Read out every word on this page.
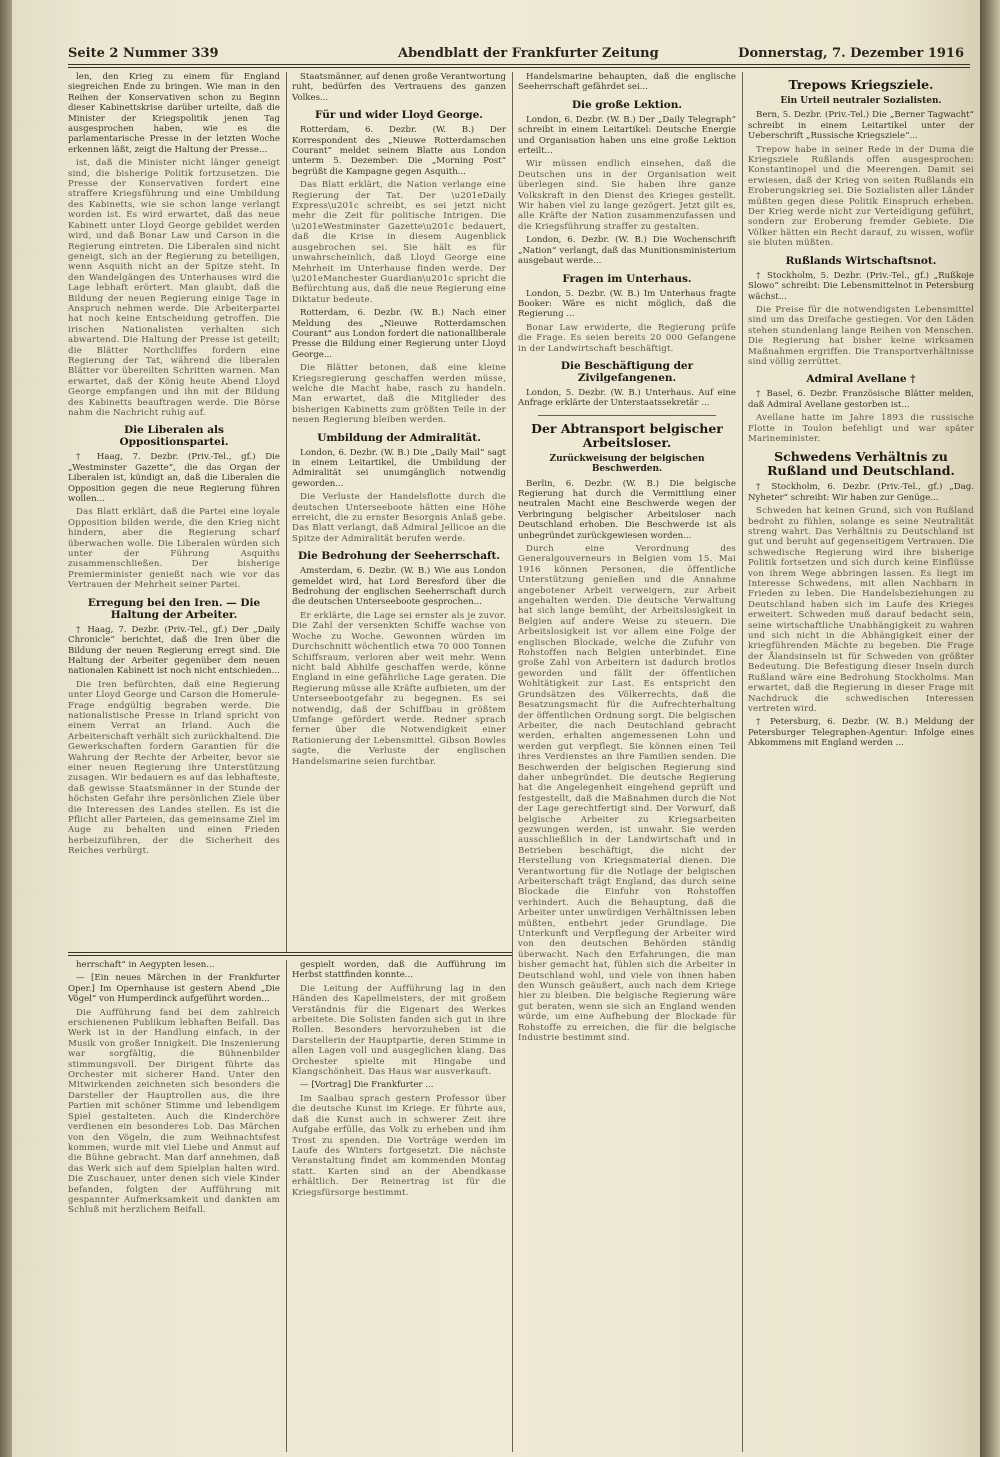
Seite 2 Nummer 339	Abendblatt der Frankfurter Zeitung	Donnerstag, 7. Dezember 1916

len, den Krieg zu einem für England siegreichen Ende zu bringen. Wie man in den Reihen der Konservativen schon zu Beginn dieser Kabinettskrise darüber urteilte, daß die Minister der Kriegspolitik jenen Tag ausgesprochen haben, wie es die parlamentarische Presse in der letzten Woche erkennen läßt, zeigt die Haltung der Presse...

ist, daß die Minister nicht länger geneigt sind, die bisherige Politik fortzusetzen. Die Presse der Konservativen fordert eine straffere Kriegsführung und eine Umbildung des Kabinetts, wie sie schon lange verlangt worden ist. Es wird erwartet, daß das neue Kabinett unter Lloyd George gebildet werden wird, und daß Bonar Law und Carson in die Regierung eintreten. Die Liberalen sind nicht geneigt, sich an der Regierung zu beteiligen, wenn Asquith nicht an der Spitze steht. In den Wandelgängen des Unterhauses wird die Lage lebhaft erörtert. Man glaubt, daß die Bildung der neuen Regierung einige Tage in Anspruch nehmen werde. Die Arbeiterpartei hat noch keine Entscheidung getroffen. Die irischen Nationalisten verhalten sich abwartend. Die Haltung der Presse ist geteilt; die Blätter Northcliffes fordern eine Regierung der Tat, während die liberalen Blätter vor übereilten Schritten warnen. Man erwartet, daß der König heute Abend Lloyd George empfangen und ihn mit der Bildung des Kabinetts beauftragen werde. Die Börse nahm die Nachricht ruhig auf.

Die Liberalen als Oppositionspartei.

† Haag, 7. Dezbr. (Priv.-Tel., gf.) Die „Westminster Gazette“, die das Organ der Liberalen ist, kündigt an, daß die Liberalen die Opposition gegen die neue Regierung führen wollen...

Das Blatt erklärt, daß die Partei eine loyale Opposition bilden werde, die den Krieg nicht hindern, aber die Regierung scharf überwachen wolle. Die Liberalen würden sich unter der Führung Asquiths zusammenschließen. Der bisherige Premierminister genießt nach wie vor das Vertrauen der Mehrheit seiner Partei.

Erregung bei den Iren. — Die Haltung der Arbeiter.

† Haag, 7. Dezbr. (Priv.-Tel., gf.) Der „Daily Chronicle“ berichtet, daß die Iren über die Bildung der neuen Regierung erregt sind. Die Haltung der Arbeiter gegenüber dem neuen nationalen Kabinett ist noch nicht entschieden...

Die Iren befürchten, daß eine Regierung unter Lloyd George und Carson die Homerule-Frage endgültig begraben werde. Die nationalistische Presse in Irland spricht von einem Verrat an Irland. Auch die Arbeiterschaft verhält sich zurückhaltend. Die Gewerkschaften fordern Garantien für die Wahrung der Rechte der Arbeiter, bevor sie einer neuen Regierung ihre Unterstützung zusagen. Wir bedauern es auf das lebhafteste, daß gewisse Staatsmänner in der Stunde der höchsten Gefahr ihre persönlichen Ziele über die Interessen des Landes stellen. Es ist die Pflicht aller Parteien, das gemeinsame Ziel im Auge zu behalten und einen Frieden herbeizuführen, der die Sicherheit des Reiches verbürgt.

Staatsmänner, auf denen große Verantwortung ruht, bedürfen des Vertrauens des ganzen Volkes...

Für und wider Lloyd George.

Rotterdam, 6. Dezbr. (W. B.) Der Korrespondent des „Nieuwe Rotterdamschen Courant“ meldet seinem Blatte aus London unterm 5. Dezember: Die „Morning Post“ begrüßt die Kampagne gegen Asquith...

Das Blatt erklärt, die Nation verlange eine Regierung der Tat. Der \u201eDaily Express\u201c schreibt, es sei jetzt nicht mehr die Zeit für politische Intrigen. Die \u201eWestminster Gazette\u201c bedauert, daß die Krise in diesem Augenblick ausgebrochen sei. Sie hält es für unwahrscheinlich, daß Lloyd George eine Mehrheit im Unterhause finden werde. Der \u201eManchester Guardian\u201c spricht die Befürchtung aus, daß die neue Regierung eine Diktatur bedeute.

Rotterdam, 6. Dezbr. (W. B.) Nach einer Meldung des „Nieuwe Rotterdamschen Courant“ aus London fordert die nationalliberale Presse die Bildung einer Regierung unter Lloyd George...

Die Blätter betonen, daß eine kleine Kriegsregierung geschaffen werden müsse, welche die Macht habe, rasch zu handeln. Man erwartet, daß die Mitglieder des bisherigen Kabinetts zum größten Teile in der neuen Regierung bleiben werden.

Umbildung der Admiralität.

London, 6. Dezbr. (W. B.) Die „Daily Mail“ sagt in einem Leitartikel, die Umbildung der Admiralität sei unumgänglich notwendig geworden...

Die Verluste der Handelsflotte durch die deutschen Unterseeboote hätten eine Höhe erreicht, die zu ernster Besorgnis Anlaß gebe. Das Blatt verlangt, daß Admiral Jellicoe an die Spitze der Admiralität berufen werde.

Die Bedrohung der Seeherrschaft.

Amsterdam, 6. Dezbr. (W. B.) Wie aus London gemeldet wird, hat Lord Beresford über die Bedrohung der englischen Seeherrschaft durch die deutschen Unterseeboote gesprochen...

Er erklärte, die Lage sei ernster als je zuvor. Die Zahl der versenkten Schiffe wachse von Woche zu Woche. Gewonnen würden im Durchschnitt wöchentlich etwa 70 000 Tonnen Schiffsraum, verloren aber weit mehr. Wenn nicht bald Abhilfe geschaffen werde, könne England in eine gefährliche Lage geraten. Die Regierung müsse alle Kräfte aufbieten, um der Unterseebootgefahr zu begegnen. Es sei notwendig, daß der Schiffbau in größtem Umfange gefördert werde. Redner sprach ferner über die Notwendigkeit einer Rationierung der Lebensmittel. Gibson Bowles sagte, die Verluste der englischen Handelsmarine seien furchtbar.

Handelsmarine behaupten, daß die englische Seeherrschaft gefährdet sei...

Die große Lektion.

London, 6. Dezbr. (W. B.) Der „Daily Telegraph“ schreibt in einem Leitartikel: Deutsche Energie und Organisation haben uns eine große Lektion erteilt...

Wir müssen endlich einsehen, daß die Deutschen uns in der Organisation weit überlegen sind. Sie haben ihre ganze Volkskraft in den Dienst des Krieges gestellt. Wir haben viel zu lange gezögert. Jetzt gilt es, alle Kräfte der Nation zusammenzufassen und die Kriegsführung straffer zu gestalten.

London, 6. Dezbr. (W. B.) Die Wochenschrift „Nation“ verlangt, daß das Munitionsministerium ausgebaut werde...

Fragen im Unterhaus.

London, 5. Dezbr. (W. B.) Im Unterhaus fragte Booker: Wäre es nicht möglich, daß die Regierung ...

Bonar Law erwiderte, die Regierung prüfe die Frage. Es seien bereits 20 000 Gefangene in der Landwirtschaft beschäftigt.

Die Beschäftigung der Zivilgefangenen.

London, 5. Dezbr. (W. B.) Unterhaus. Auf eine Anfrage erklärte der Unterstaatssekretär ...

Der Abtransport belgischer Arbeitsloser.
Zurückweisung der belgischen Beschwerden.

Berlin, 6. Dezbr. (W. B.) Die belgische Regierung hat durch die Vermittlung einer neutralen Macht eine Beschwerde wegen der Verbringung belgischer Arbeitsloser nach Deutschland erhoben. Die Beschwerde ist als unbegründet zurückgewiesen worden...

Durch eine Verordnung des Generalgouverneurs in Belgien vom 15. Mai 1916 können Personen, die öffentliche Unterstützung genießen und die Annahme angebotener Arbeit verweigern, zur Arbeit angehalten werden. Die deutsche Verwaltung hat sich lange bemüht, der Arbeitslosigkeit in Belgien auf andere Weise zu steuern. Die Arbeitslosigkeit ist vor allem eine Folge der englischen Blockade, welche die Zufuhr von Rohstoffen nach Belgien unterbindet. Eine große Zahl von Arbeitern ist dadurch brotlos geworden und fällt der öffentlichen Wohltätigkeit zur Last. Es entspricht den Grundsätzen des Völkerrechts, daß die Besatzungsmacht für die Aufrechterhaltung der öffentlichen Ordnung sorgt. Die belgischen Arbeiter, die nach Deutschland gebracht werden, erhalten angemessenen Lohn und werden gut verpflegt. Sie können einen Teil ihres Verdienstes an ihre Familien senden. Die Beschwerden der belgischen Regierung sind daher unbegründet. Die deutsche Regierung hat die Angelegenheit eingehend geprüft und festgestellt, daß die Maßnahmen durch die Not der Lage gerechtfertigt sind. Der Vorwurf, daß belgische Arbeiter zu Kriegsarbeiten gezwungen werden, ist unwahr. Sie werden ausschließlich in der Landwirtschaft und in Betrieben beschäftigt, die nicht der Herstellung von Kriegsmaterial dienen. Die Verantwortung für die Notlage der belgischen Arbeiterschaft trägt England, das durch seine Blockade die Einfuhr von Rohstoffen verhindert. Auch die Behauptung, daß die Arbeiter unter unwürdigen Verhältnissen leben müßten, entbehrt jeder Grundlage. Die Unterkunft und Verpflegung der Arbeiter wird von den deutschen Behörden ständig überwacht. Nach den Erfahrungen, die man bisher gemacht hat, fühlen sich die Arbeiter in Deutschland wohl, und viele von ihnen haben den Wunsch geäußert, auch nach dem Kriege hier zu bleiben. Die belgische Regierung wäre gut beraten, wenn sie sich an England wenden würde, um eine Aufhebung der Blockade für Rohstoffe zu erreichen, die für die belgische Industrie bestimmt sind.

Trepows Kriegsziele.
Ein Urteil neutraler Sozialisten.

Bern, 5. Dezbr. (Priv.-Tel.) Die „Berner Tagwacht“ schreibt in einem Leitartikel unter der Ueberschrift „Russische Kriegsziele“...

Trepow habe in seiner Rede in der Duma die Kriegsziele Rußlands offen ausgesprochen: Konstantinopel und die Meerengen. Damit sei erwiesen, daß der Krieg von seiten Rußlands ein Eroberungskrieg sei. Die Sozialisten aller Länder müßten gegen diese Politik Einspruch erheben. Der Krieg werde nicht zur Verteidigung geführt, sondern zur Eroberung fremder Gebiete. Die Völker hätten ein Recht darauf, zu wissen, wofür sie bluten müßten.

Rußlands Wirtschaftsnot.

† Stockholm, 5. Dezbr. (Priv.-Tel., gf.) „Rußkoje Slowo“ schreibt: Die Lebensmittelnot in Petersburg wächst...

Die Preise für die notwendigsten Lebensmittel sind um das Dreifache gestiegen. Vor den Läden stehen stundenlang lange Reihen von Menschen. Die Regierung hat bisher keine wirksamen Maßnahmen ergriffen. Die Transportverhältnisse sind völlig zerrüttet.

Admiral Avellane †

† Basel, 6. Dezbr. Französische Blätter melden, daß Admiral Avellane gestorben ist...

Avellane hatte im Jahre 1893 die russische Flotte in Toulon befehligt und war später Marineminister.

Schwedens Verhältnis zu Rußland und Deutschland.

† Stockholm, 6. Dezbr. (Priv.-Tel., gf.) „Dag. Nyheter“ schreibt: Wir haben zur Genüge...

Schweden hat keinen Grund, sich von Rußland bedroht zu fühlen, solange es seine Neutralität streng wahrt. Das Verhältnis zu Deutschland ist gut und beruht auf gegenseitigem Vertrauen. Die schwedische Regierung wird ihre bisherige Politik fortsetzen und sich durch keine Einflüsse von ihrem Wege abbringen lassen. Es liegt im Interesse Schwedens, mit allen Nachbarn in Frieden zu leben. Die Handelsbeziehungen zu Deutschland haben sich im Laufe des Krieges erweitert. Schweden muß darauf bedacht sein, seine wirtschaftliche Unabhängigkeit zu wahren und sich nicht in die Abhängigkeit einer der kriegführenden Mächte zu begeben. Die Frage der Ålandsinseln ist für Schweden von größter Bedeutung. Die Befestigung dieser Inseln durch Rußland wäre eine Bedrohung Stockholms. Man erwartet, daß die Regierung in dieser Frage mit Nachdruck die schwedischen Interessen vertreten wird.

† Petersburg, 6. Dezbr. (W. B.) Meldung der Petersburger Telegraphen-Agentur: Infolge eines Abkommens mit England werden ...

herrschaft“ in Aegypten lesen...

— [Ein neues Märchen in der Frankfurter Oper.] Im Opernhause ist gestern Abend „Die Vögel“ von Humperdinck aufgeführt worden...

Die Aufführung fand bei dem zahlreich erschienenen Publikum lebhaften Beifall. Das Werk ist in der Handlung einfach, in der Musik von großer Innigkeit. Die Inszenierung war sorgfältig, die Bühnenbilder stimmungsvoll. Der Dirigent führte das Orchester mit sicherer Hand. Unter den Mitwirkenden zeichneten sich besonders die Darsteller der Hauptrollen aus, die ihre Partien mit schöner Stimme und lebendigem Spiel gestalteten. Auch die Kinderchöre verdienen ein besonderes Lob. Das Märchen von den Vögeln, die zum Weihnachtsfest kommen, wurde mit viel Liebe und Anmut auf die Bühne gebracht. Man darf annehmen, daß das Werk sich auf dem Spielplan halten wird. Die Zuschauer, unter denen sich viele Kinder befanden, folgten der Aufführung mit gespannter Aufmerksamkeit und dankten am Schluß mit herzlichem Beifall.

gespielt worden, daß die Aufführung im Herbst stattfinden konnte...

Die Leitung der Aufführung lag in den Händen des Kapellmeisters, der mit großem Verständnis für die Eigenart des Werkes arbeitete. Die Solisten fanden sich gut in ihre Rollen. Besonders hervorzuheben ist die Darstellerin der Hauptpartie, deren Stimme in allen Lagen voll und ausgeglichen klang. Das Orchester spielte mit Hingabe und Klangschönheit. Das Haus war ausverkauft.

— [Vortrag] Die Frankfurter ...

Im Saalbau sprach gestern Professor über die deutsche Kunst im Kriege. Er führte aus, daß die Kunst auch in schwerer Zeit ihre Aufgabe erfülle, das Volk zu erheben und ihm Trost zu spenden. Die Vorträge werden im Laufe des Winters fortgesetzt. Die nächste Veranstaltung findet am kommenden Montag statt. Karten sind an der Abendkasse erhältlich. Der Reinertrag ist für die Kriegsfürsorge bestimmt.
